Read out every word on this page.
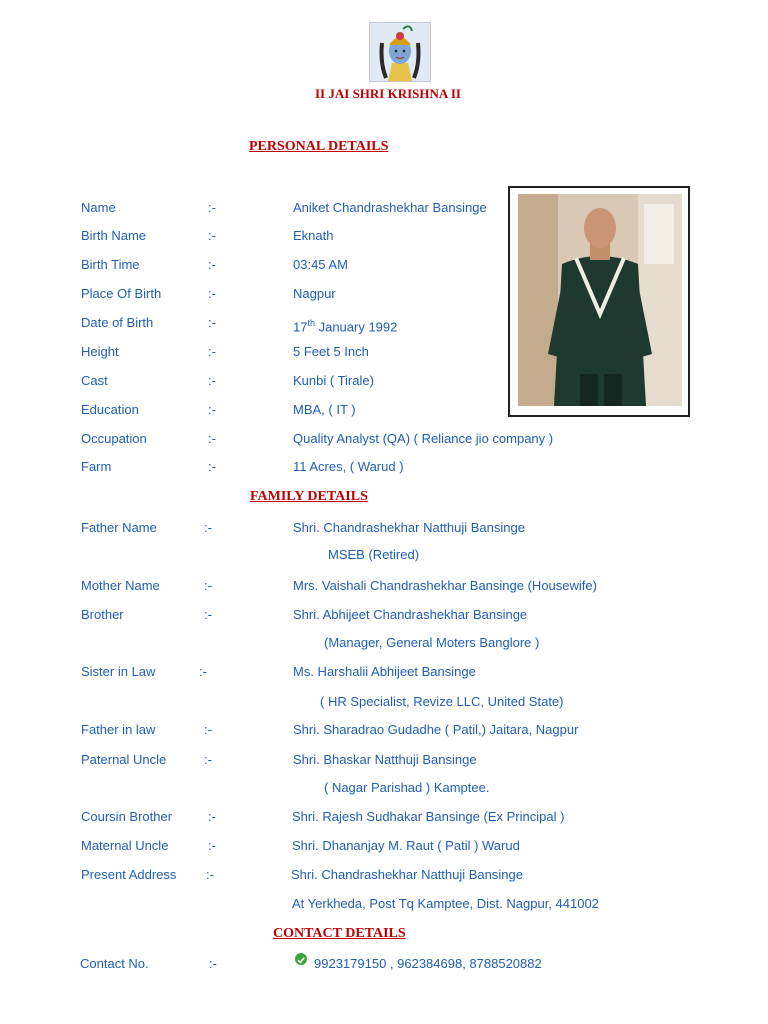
II JAI SHRI KRISHNA II
PERSONAL DETAILS
Name	:-	Aniket Chandrashekhar Bansinge
Birth Name	:-	Eknath
Birth Time	:-	03:45 AM
Place Of Birth	:-	Nagpur
Date of Birth	:-	17th January 1992
Height	:-	5 Feet 5 Inch
Cast	:-	Kunbi ( Tirale)
Education	:-	MBA, ( IT )
Occupation	:-	Quality Analyst (QA) ( Reliance jio company )
Farm	:-	11 Acres, ( Warud )
FAMILY DETAILS
Father Name	:-	Shri. Chandrashekhar Natthuji Bansinge
MSEB (Retired)
Mother Name	:-	Mrs. Vaishali Chandrashekhar Bansinge (Housewife)
Brother	:-	Shri. Abhijeet Chandrashekhar Bansinge
(Manager, General Moters Banglore )
Sister in Law	:-	Ms. Harshalii Abhijeet Bansinge
( HR Specialist, Revize LLC, United State)
Father in law	:-	Shri. Sharadrao Gudadhe ( Patil,) Jaitara, Nagpur
Paternal Uncle	:-	Shri. Bhaskar Natthuji Bansinge
( Nagar Parishad ) Kamptee.
Coursin Brother	:-	Shri. Rajesh Sudhakar Bansinge (Ex Principal )
Maternal Uncle	:-	Shri. Dhananjay M. Raut ( Patil ) Warud
Present Address :-	Shri. Chandrashekhar Natthuji Bansinge
At Yerkheda, Post Tq Kamptee, Dist. Nagpur, 441002
CONTACT DETAILS
Contact No.	:-	9923179150 , 962384698, 8788520882
